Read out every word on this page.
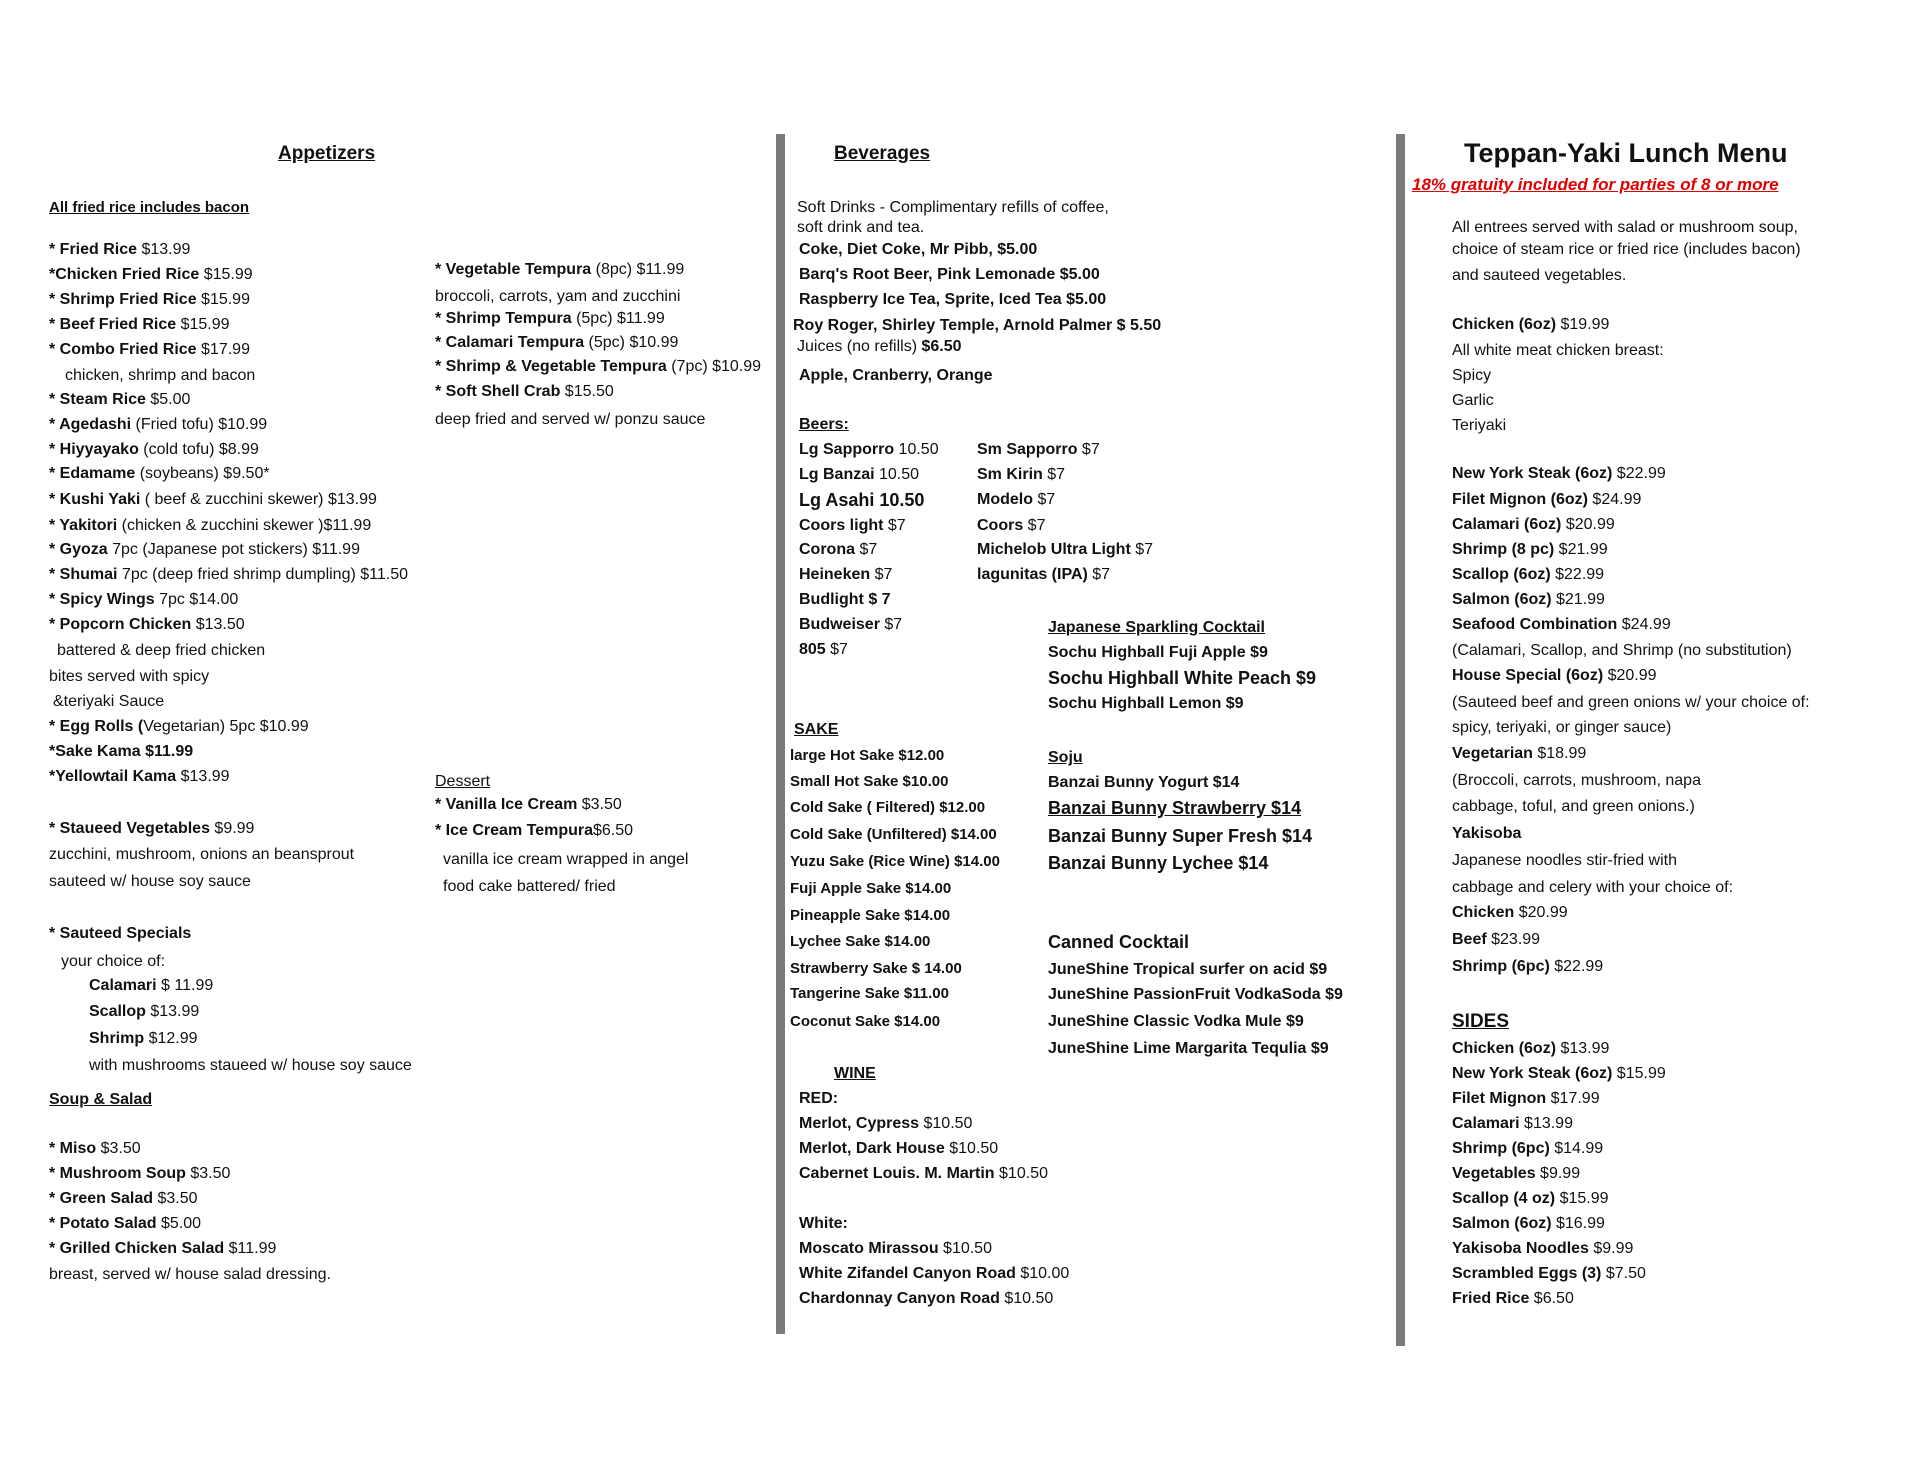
Appetizers
All fried rice includes bacon
Dessert
Soup & Salad
Beverages
Beers:
Japanese Sparkling Cocktail
SAKE
Soju
Canned Cocktail
WINE
RED:
White:
Teppan-Yaki Lunch Menu
18% gratuity included for parties of 8 or more
SIDES
* Fried Rice $13.99
*Chicken Fried Rice $15.99
* Shrimp Fried Rice $15.99
* Beef Fried Rice $15.99
* Combo Fried Rice $17.99
chicken, shrimp and bacon
* Steam Rice $5.00
* Agedashi (Fried tofu) $10.99
* Hiyyayako (cold tofu) $8.99
* Edamame (soybeans) $9.50*
* Kushi Yaki ( beef & zucchini skewer) $13.99
* Yakitori (chicken & zucchini skewer )$11.99
* Gyoza 7pc (Japanese pot stickers) $11.99
* Shumai 7pc (deep fried shrimp dumpling) $11.50
* Spicy Wings 7pc $14.00
* Popcorn Chicken $13.50
battered & deep fried chicken
bites served with spicy
&teriyaki Sauce
* Egg Rolls (Vegetarian) 5pc $10.99
*Sake Kama $11.99
*Yellowtail Kama $13.99
* Staueed Vegetables $9.99
zucchini, mushroom, onions an beansprout
sauteed w/ house soy sauce
* Sauteed Specials
your choice of:
Calamari $ 11.99
Scallop $13.99
Shrimp $12.99
with mushrooms staueed w/ house soy sauce
* Vegetable Tempura (8pc) $11.99
broccoli, carrots, yam and zucchini
* Shrimp Tempura (5pc) $11.99
* Calamari Tempura (5pc) $10.99
* Shrimp & Vegetable Tempura (7pc) $10.99
* Soft Shell Crab $15.50
deep fried and served w/ ponzu sauce
* Vanilla Ice Cream $3.50
* Ice Cream Tempura$6.50
vanilla ice cream wrapped in angel
food cake battered/ fried
* Miso $3.50
* Mushroom Soup $3.50
* Green Salad $3.50
* Potato Salad $5.00
* Grilled Chicken Salad $11.99
breast, served w/ house salad dressing.
Soft Drinks - Complimentary refills of coffee,
soft drink and tea.
Coke, Diet Coke, Mr Pibb, $5.00
Barq's Root Beer, Pink Lemonade $5.00
Raspberry Ice Tea, Sprite, Iced Tea $5.00
Roy Roger, Shirley Temple, Arnold Palmer $ 5.50
Juices (no refills) $6.50
Apple, Cranberry, Orange
Lg Sapporro 10.50
Lg Banzai 10.50
Lg Asahi 10.50
Coors light $7
Corona $7
Heineken $7
Budlight $ 7
Budweiser $7
805 $7
Sm Sapporro $7
Sm Kirin $7
Modelo $7
Coors $7
Michelob Ultra Light $7
lagunitas (IPA) $7
Sochu Highball Fuji Apple $9
Sochu Highball White Peach $9
Sochu Highball Lemon $9
large Hot Sake $12.00
Small Hot Sake $10.00
Cold Sake ( Filtered) $12.00
Cold Sake (Unfiltered) $14.00
Yuzu Sake (Rice Wine) $14.00
Fuji Apple Sake $14.00
Pineapple Sake $14.00
Lychee Sake $14.00
Strawberry Sake $ 14.00
Tangerine Sake $11.00
Coconut Sake $14.00
Banzai Bunny Yogurt $14
Banzai Bunny Strawberry $14
Banzai Bunny Super Fresh $14
Banzai Bunny Lychee $14
JuneShine Tropical surfer on acid $9
JuneShine PassionFruit VodkaSoda $9
JuneShine Classic Vodka Mule $9
JuneShine Lime Margarita Tequlia $9
Merlot, Cypress $10.50
Merlot, Dark House $10.50
Cabernet Louis. M. Martin $10.50
Moscato Mirassou $10.50
White Zifandel Canyon Road $10.00
Chardonnay Canyon Road $10.50
All entrees served with salad or mushroom soup,
choice of steam rice or fried rice (includes bacon)
and sauteed vegetables.
Chicken (6oz) $19.99
All white meat chicken breast:
Spicy
Garlic
Teriyaki
New York Steak (6oz) $22.99
Filet Mignon (6oz) $24.99
Calamari (6oz) $20.99
Shrimp (8 pc) $21.99
Scallop (6oz) $22.99
Salmon (6oz) $21.99
Seafood Combination $24.99
(Calamari, Scallop, and Shrimp (no substitution)
House Special (6oz) $20.99
(Sauteed beef and green onions w/ your choice of:
spicy, teriyaki, or ginger sauce)
Vegetarian $18.99
(Broccoli, carrots, mushroom, napa
cabbage, toful, and green onions.)
Yakisoba
Japanese noodles stir-fried with
cabbage and celery with your choice of:
Chicken $20.99
Beef $23.99
Shrimp (6pc) $22.99
Chicken (6oz) $13.99
New York Steak (6oz) $15.99
Filet Mignon $17.99
Calamari $13.99
Shrimp (6pc) $14.99
Vegetables $9.99
Scallop (4 oz) $15.99
Salmon (6oz) $16.99
Yakisoba Noodles $9.99
Scrambled Eggs (3) $7.50
Fried Rice $6.50
